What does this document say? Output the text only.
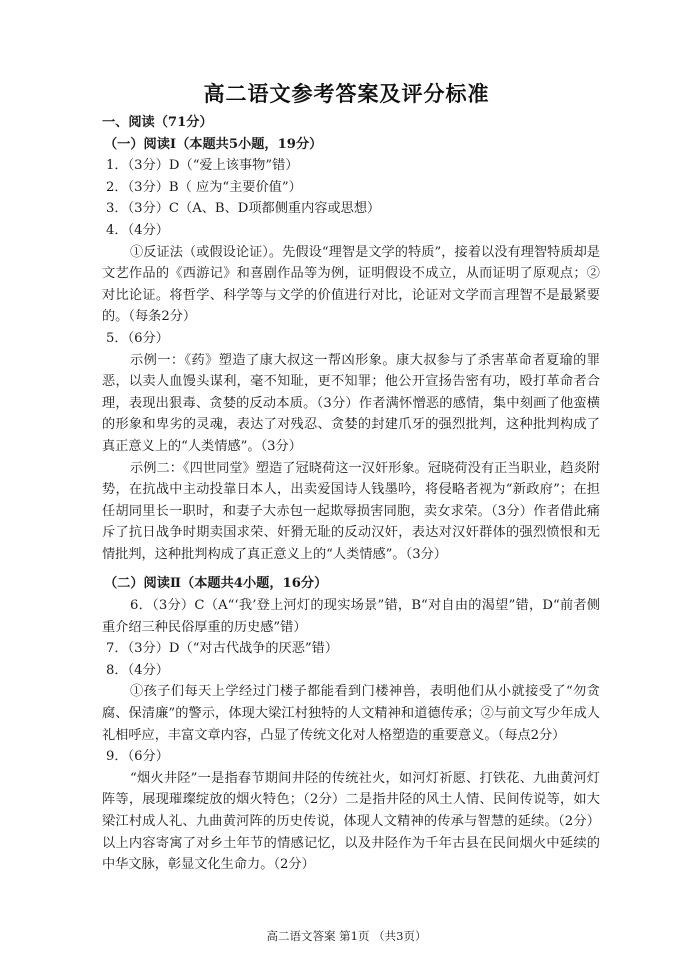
高二语文参考答案及评分标准
一、阅读（71分）
（一）阅读Ⅰ（本题共5小题，19分）
1．（3分）D（“爱上该事物”错）
2．（3分）B（ 应为“主要价值”）
3．（3分）C（A、B、D项都侧重内容或思想）
4．（4分）
①反证法（或假设论证）。先假设“理智是文学的特质”，接着以没有理智特质却是文艺作品的《西游记》和喜剧作品等为例，证明假设不成立，从而证明了原观点；②对比论证。将哲学、科学等与文学的价值进行对比，论证对文学而言理智不是最紧要的。（每条2分）
5．（6分）
示例一：《药》塑造了康大叔这一帮凶形象。康大叔参与了杀害革命者夏瑜的罪恶，以卖人血馒头谋利，毫不知耻，更不知罪；他公开宣扬告密有功，殴打革命者合理，表现出狠毒、贪婪的反动本质。（3分）作者满怀憎恶的感情，集中刻画了他蛮横的形象和卑劣的灵魂，表达了对残忍、贪婪的封建爪牙的强烈批判，这种批判构成了真正意义上的“人类情感”。（3分）
示例二：《四世同堂》塑造了冠晓荷这一汉奸形象。冠晓荷没有正当职业，趋炎附势，在抗战中主动投靠日本人，出卖爱国诗人钱墨吟，将侵略者视为“新政府”；在担任胡同里长一职时，和妻子大赤包一起欺辱损害同胞，卖女求荣。（3分）作者借此痛斥了抗日战争时期卖国求荣、奸猾无耻的反动汉奸，表达对汉奸群体的强烈愤恨和无情批判，这种批判构成了真正意义上的“人类情感”。（3分）
（二）阅读Ⅱ（本题共4小题，16分）
6．（3分）C（A“‘我’登上河灯的现实场景”错，B“对自由的渴望”错，D“前者侧重介绍三种民俗厚重的历史感”错）
7．（3分）D（“对古代战争的厌恶”错）
8．（4分）
①孩子们每天上学经过门楼子都能看到门楼神兽，表明他们从小就接受了“勿贪腐、保清廉”的警示，体现大梁江村独特的人文精神和道德传承；②与前文写少年成人礼相呼应，丰富文章内容，凸显了传统文化对人格塑造的重要意义。（每点2分）
9．（6分）
“烟火井陉”一是指春节期间井陉的传统社火，如河灯祈愿、打铁花、九曲黄河灯阵等，展现璀璨绽放的烟火特色；（2分）二是指井陉的风土人情、民间传说等，如大梁江村成人礼、九曲黄河阵的历史传说，体现人文精神的传承与智慧的延续。（2分）以上内容寄寓了对乡土年节的情感记忆，以及井陉作为千年古县在民间烟火中延续的中华文脉，彰显文化生命力。（2分）
高二语文答案 第1页 （共3页）
